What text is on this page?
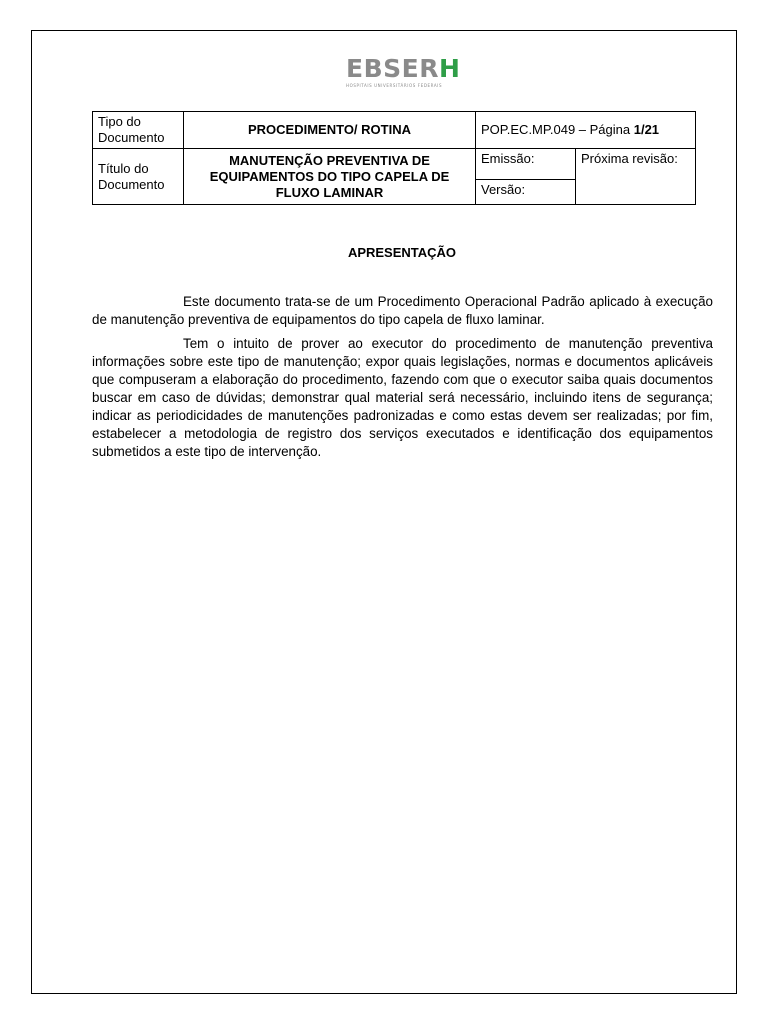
EBSERH
HOSPITAIS UNIVERSITÁRIOS FEDERAIS
Tipo do Documento	PROCEDIMENTO/ ROTINA	POP.EC.MP.049 – Página 1/21	
Título do Documento	MANUTENÇÃO PREVENTIVA DE EQUIPAMENTOS DO TIPO CAPELA DE FLUXO LAMINAR	Emissão:	Próxima revisão:
		Versão:	
APRESENTAÇÃO

Este documento trata-se de um Procedimento Operacional Padrão aplicado à execução de manutenção preventiva de equipamentos do tipo capela de fluxo laminar.

Tem o intuito de prover ao executor do procedimento de manutenção preventiva informações sobre este tipo de manutenção; expor quais legislações, normas e documentos aplicáveis que compuseram a elaboração do procedimento, fazendo com que o executor saiba quais documentos buscar em caso de dúvidas; demonstrar qual material será necessário, incluindo itens de segurança; indicar as periodicidades de manutenções padronizadas e como estas devem ser realizadas; por fim, estabelecer a metodologia de registro dos serviços executados e identificação dos equipamentos submetidos a este tipo de intervenção.
